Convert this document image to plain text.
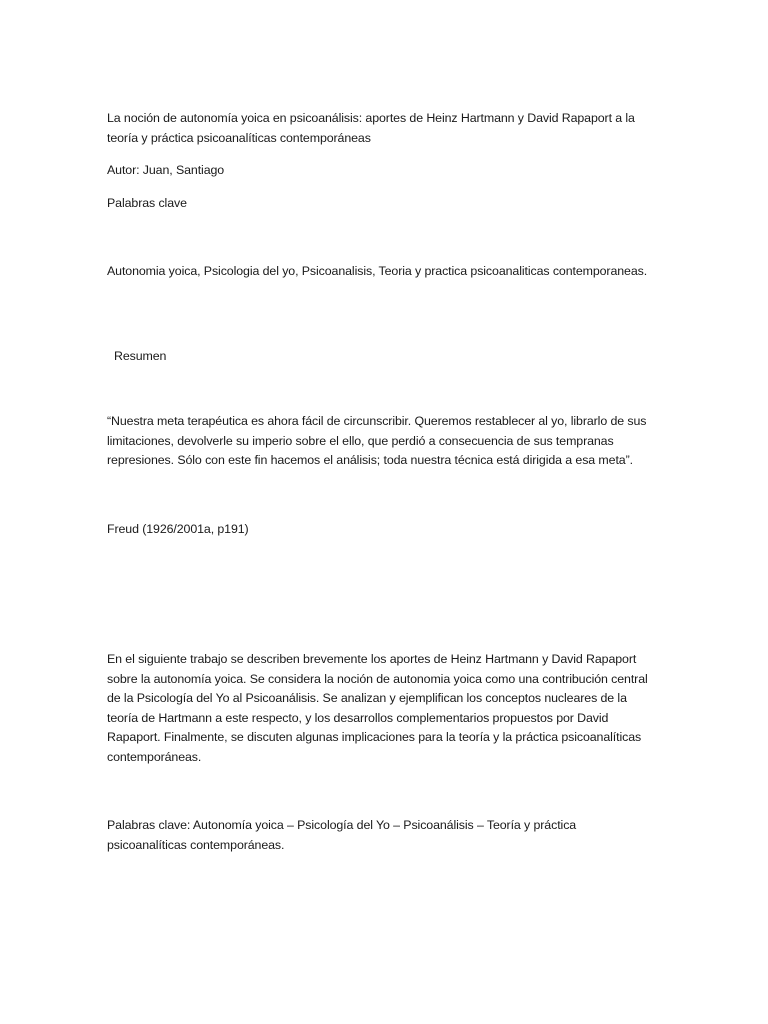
La noción de autonomía yoica en psicoanálisis: aportes de Heinz Hartmann y David Rapaport a la teoría y práctica psicoanalíticas contemporáneas

Autor: Juan, Santiago

Palabras clave

Autonomia yoica, Psicologia del yo, Psicoanalisis, Teoria y practica psicoanaliticas contemporaneas.

Resumen

“Nuestra meta terapéutica es ahora fácil de circunscribir. Queremos restablecer al yo, librarlo de sus limitaciones, devolverle su imperio sobre el ello, que perdió a consecuencia de sus tempranas represiones. Sólo con este fin hacemos el análisis; toda nuestra técnica está dirigida a esa meta”.

Freud (1926/2001a, p191)

En el siguiente trabajo se describen brevemente los aportes de Heinz Hartmann y David Rapaport sobre la autonomía yoica. Se considera la noción de autonomia yoica como una contribución central de la Psicología del Yo al Psicoanálisis. Se analizan y ejemplifican los conceptos nucleares de la teoría de Hartmann a este respecto, y los desarrollos complementarios propuestos por David Rapaport. Finalmente, se discuten algunas implicaciones para la teoría y la práctica psicoanalíticas contemporáneas.

Palabras clave: Autonomía yoica – Psicología del Yo – Psicoanálisis – Teoría y práctica psicoanalíticas contemporáneas.
